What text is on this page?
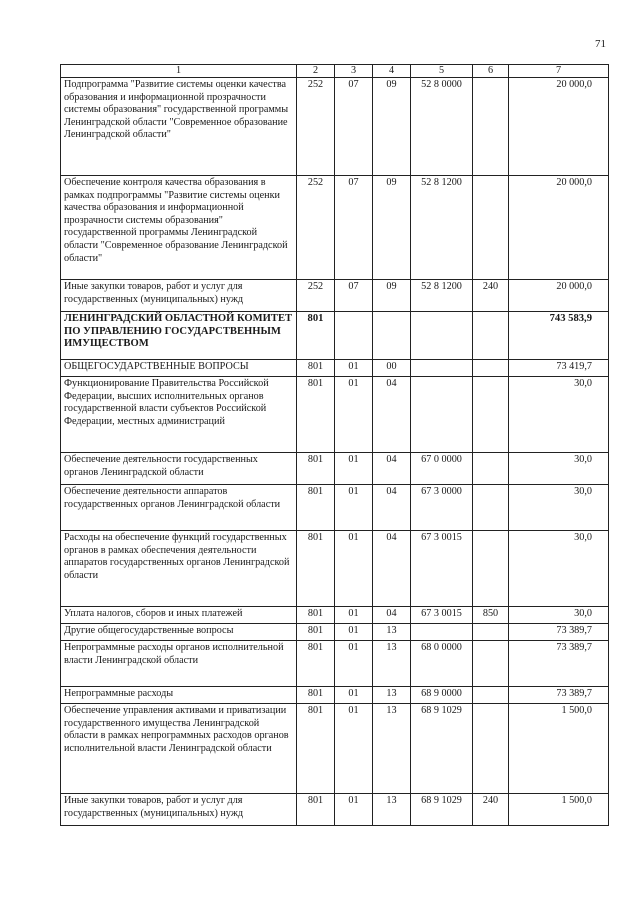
71
1	2	3	4	5	6	7
Подпрограмма "Развитие системы оценки качества образования и информационной прозрачности системы образования" государственной программы Ленинградской области "Современное образование Ленинградской области"	252	07	09	52 8 0000		20 000,0
Обеспечение контроля качества образования в рамках подпрограммы "Развитие системы оценки качества образования и информационной прозрачности системы образования" государственной программы Ленинградской области "Современное образование Ленинградской области"	252	07	09	52 8 1200		20 000,0
Иные закупки товаров, работ и услуг для государственных (муниципальных) нужд	252	07	09	52 8 1200	240	20 000,0
ЛЕНИНГРАДСКИЙ ОБЛАСТНОЙ КОМИТЕТ ПО УПРАВЛЕНИЮ ГОСУДАРСТВЕННЫМ ИМУЩЕСТВОМ	801					743 583,9
ОБЩЕГОСУДАРСТВЕННЫЕ ВОПРОСЫ	801	01	00			73 419,7
Функционирование Правительства Российской Федерации, высших исполнительных органов государственной власти субъектов Российской Федерации, местных администраций	801	01	04			30,0
Обеспечение деятельности государственных органов Ленинградской области	801	01	04	67 0 0000		30,0
Обеспечение деятельности аппаратов государственных органов Ленинградской области	801	01	04	67 3 0000		30,0
Расходы на обеспечение функций государственных органов в рамках обеспечения деятельности аппаратов государственных органов Ленинградской области	801	01	04	67 3 0015		30,0
Уплата налогов, сборов и иных платежей	801	01	04	67 3 0015	850	30,0
Другие общегосударственные вопросы	801	01	13			73 389,7
Непрограммные расходы органов исполнительной власти Ленинградской области	801	01	13	68 0 0000		73 389,7
Непрограммные расходы	801	01	13	68 9 0000		73 389,7
Обеспечение управления активами и приватизации государственного имущества Ленинградской области в рамках непрограммных расходов органов исполнительной власти Ленинградской области	801	01	13	68 9 1029		1 500,0
Иные закупки товаров, работ и услуг для государственных (муниципальных) нужд	801	01	13	68 9 1029	240	1 500,0
